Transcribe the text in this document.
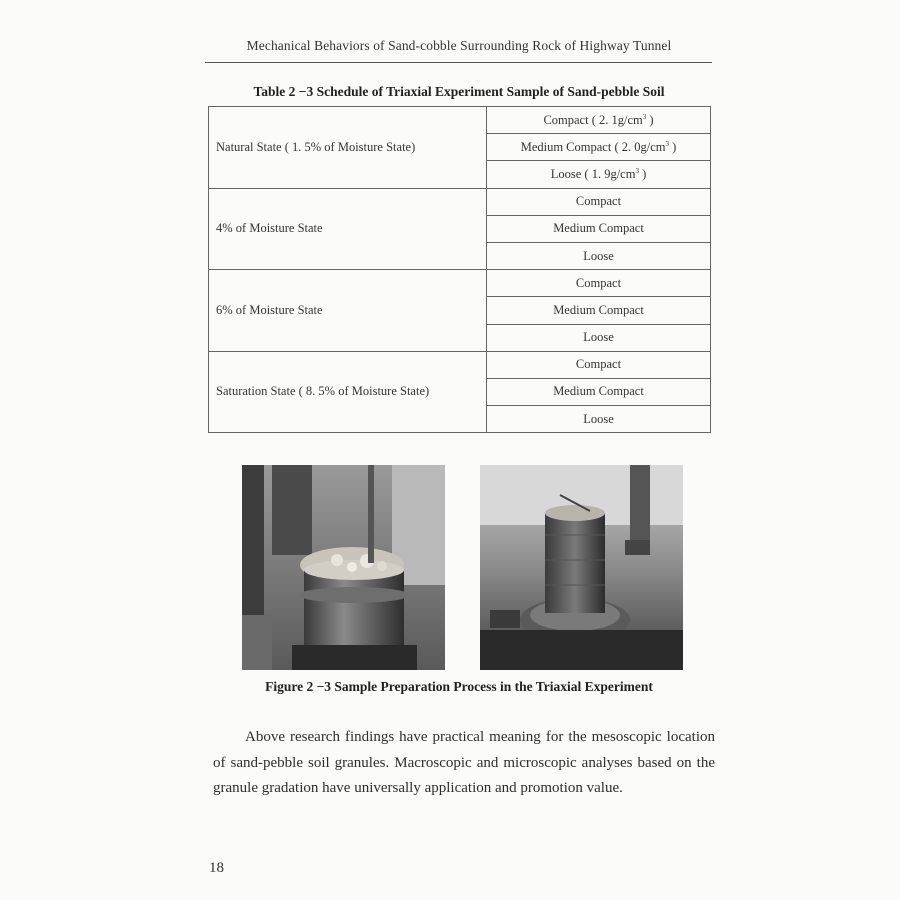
Mechanical Behaviors of Sand-cobble Surrounding Rock of Highway Tunnel
Table 2 −3 Schedule of Triaxial Experiment Sample of Sand-pebble Soil
Natural State ( 1. 5% of Moisture State)	Compact ( 2. $1g/cm^3$ )
	Medium Compact ( 2. $0g/cm^3$ )
	Loose ( 1. $9g/cm^3$ )
4% of Moisture State	Compact
	Medium Compact
	Loose
6% of Moisture State	Compact
	Medium Compact
	Loose
Saturation State ( 8. 5% of Moisture State)	Compact
	Medium Compact
	Loose
Figure 2 −3 Sample Preparation Process in the Triaxial Experiment

Above research findings have practical meaning for the mesoscopic location of sand-pebble soil granules. Macroscopic and microscopic analyses based on the granule gradation have universally application and promotion value.

18
